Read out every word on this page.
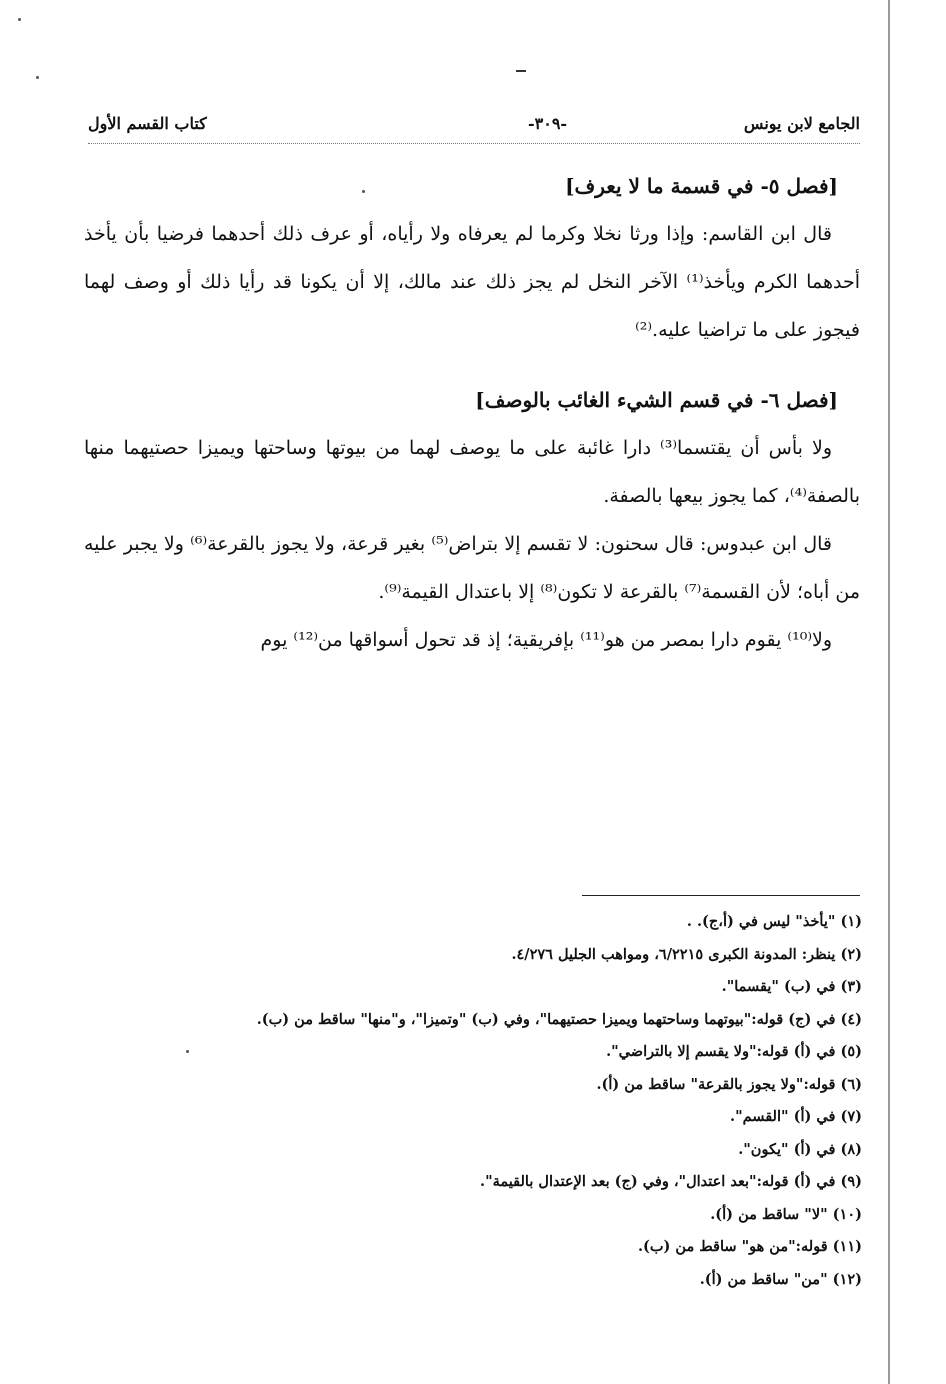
الجامع لابن يونس
-٣٠٩-
كتاب القسم الأول

[فصل ٥- في قسمة ما لا يعرف]

قال ابن القاسم: وإذا ورثا نخلا وكرما لم يعرفاه ولا رأياه، أو عرف ذلك أحدهما فرضيا بأن يأخذ أحدهما الكرم ويأخذ⁽¹⁾ الآخر النخل لم يجز ذلك عند مالك، إلا أن يكونا قد رأيا ذلك أو وصف لهما فيجوز على ما تراضيا عليه.⁽²⁾

[فصل ٦- في قسم الشيء الغائب بالوصف]

ولا بأس أن يقتسما⁽³⁾ دارا غائبة على ما يوصف لهما من بيوتها وساحتها ويميزا حصتيهما منها بالصفة⁽⁴⁾، كما يجوز بيعها بالصفة.

قال ابن عبدوس: قال سحنون: لا تقسم إلا بتراض⁽⁵⁾ بغير قرعة، ولا يجوز بالقرعة⁽⁶⁾ ولا يجبر عليه من أباه؛ لأن القسمة⁽⁷⁾ بالقرعة لا تكون⁽⁸⁾ إلا باعتدال القيمة⁽⁹⁾.

ولا⁽¹⁰⁾ يقوم دارا بمصر من هو⁽¹¹⁾ بإفريقية؛ إذ قد تحول أسواقها من⁽¹²⁾ يوم

(١) "يأخذ" ليس في (أ،ج). .

(٢) ينظر: المدونة الكبرى ٦/٢٢١٥، ومواهب الجليل ٤/٢٧٦.

(٣) في (ب) "يقسما".

(٤) في (ج) قوله:"بيوتهما وساحتهما ويميزا حصتيهما"، وفي (ب) "وتميزا"، و"منها" ساقط من (ب).

(٥) في (أ) قوله:"ولا يقسم إلا بالتراضي".

(٦) قوله:"ولا يجوز بالقرعة" ساقط من (أ).

(٧) في (أ) "القسم".

(٨) في (أ) "يكون".

(٩) في (أ) قوله:"بعد اعتدال"، وفي (ج) بعد الإعتدال بالقيمة".

(١٠) "لا" ساقط من (أ).

(١١) قوله:"من هو" ساقط من (ب).

(١٢) "من" ساقط من (أ).
